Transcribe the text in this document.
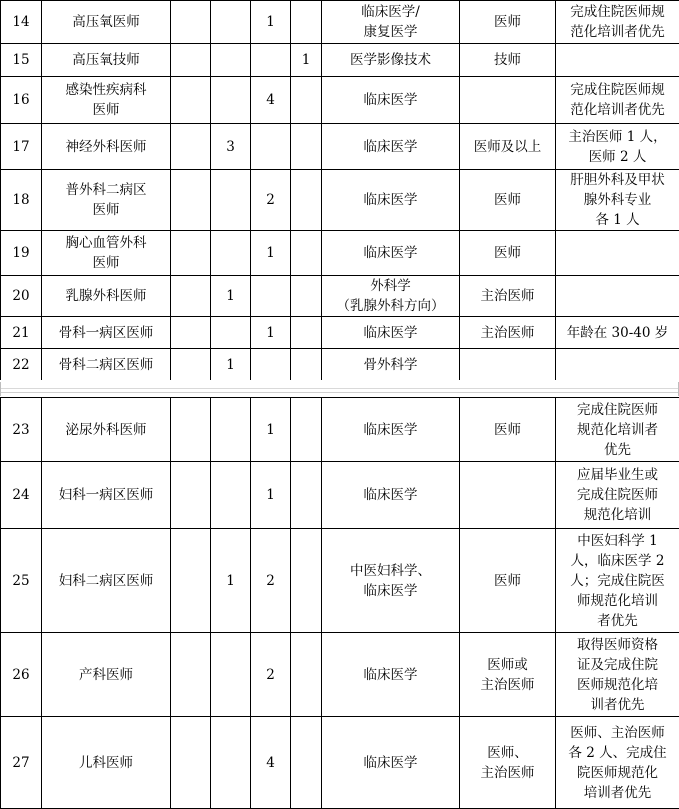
14	高压氧医师			1		临床医学/
康复医学	医师	完成住院医师规
范化培训者优先

15	高压氧技师				1	医学影像技术	技师	

16	感染性疾病科
医师			4		临床医学		完成住院医师规
范化培训者优先

17	神经外科医师		3			临床医学	医师及以上	主治医师 1 人，
医师 2 人

18	普外科二病区
医师			2		临床医学	医师	肝胆外科及甲状
腺外科专业
各 1 人

19	胸心血管外科
医师			1		临床医学	医师	

20	乳腺外科医师		1			外科学
（乳腺外科方向）	主治医师	

21	骨科一病区医师			1		临床医学	主治医师	年龄在 30-40 岁

22	骨科二病区医师		1			骨外科学		

23	泌尿外科医师			1		临床医学	医师	完成住院医师
规范化培训者
优先

24	妇科一病区医师			1		临床医学		应届毕业生或
完成住院医师
规范化培训

25	妇科二病区医师		1	2		中医妇科学、
临床医学	医师	中医妇科学 1
人，临床医学 2
人；完成住院医
师规范化培训
者优先

26	产科医师			2		临床医学	医师或
主治医师	取得医师资格
证及完成住院
医师规范化培
训者优先

27	儿科医师			4		临床医学	医师、
主治医师	医师、主治医师
各 2 人、完成住
院医师规范化
培训者优先
